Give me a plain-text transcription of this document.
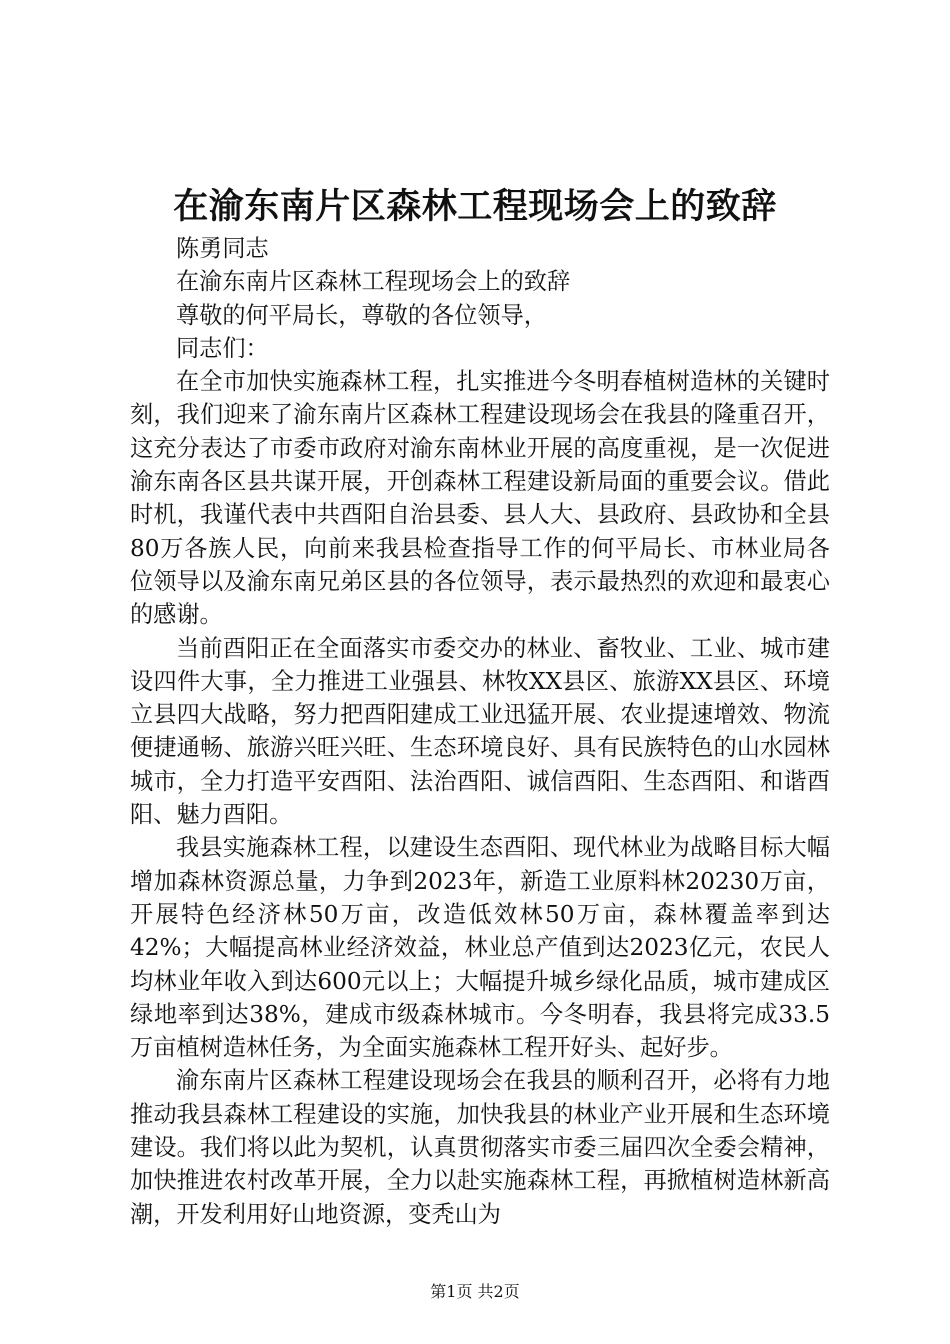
在渝东南片区森林工程现场会上的致辞

陈勇同志

在渝东南片区森林工程现场会上的致辞

尊敬的何平局长，尊敬的各位领导，

同志们：

在全市加快实施森林工程，扎实推进今冬明春植树造林的关键时刻，我们迎来了渝东南片区森林工程建设现场会在我县的隆重召开，这充分表达了市委市政府对渝东南林业开展的高度重视，是一次促进渝东南各区县共谋开展，开创森林工程建设新局面的重要会议。借此时机，我谨代表中共酉阳自治县委、县人大、县政府、县政协和全县80万各族人民，向前来我县检查指导工作的何平局长、市林业局各位领导以及渝东南兄弟区县的各位领导，表示最热烈的欢迎和最衷心的感谢。

当前酉阳正在全面落实市委交办的林业、畜牧业、工业、城市建设四件大事，全力推进工业强县、林牧XX县区、旅游XX县区、环境立县四大战略，努力把酉阳建成工业迅猛开展、农业提速增效、物流便捷通畅、旅游兴旺兴旺、生态环境良好、具有民族特色的山水园林城市，全力打造平安酉阳、法治酉阳、诚信酉阳、生态酉阳、和谐酉阳、魅力酉阳。

我县实施森林工程，以建设生态酉阳、现代林业为战略目标大幅增加森林资源总量，力争到2023年，新造工业原料林20230万亩，开展特色经济林50万亩，改造低效林50万亩，森林覆盖率到达42%；大幅提高林业经济效益，林业总产值到达2023亿元，农民人均林业年收入到达600元以上；大幅提升城乡绿化品质，城市建成区绿地率到达38%，建成市级森林城市。今冬明春，我县将完成33.5万亩植树造林任务，为全面实施森林工程开好头、起好步。

渝东南片区森林工程建设现场会在我县的顺利召开，必将有力地推动我县森林工程建设的实施，加快我县的林业产业开展和生态环境建设。我们将以此为契机，认真贯彻落实市委三届四次全委会精神，加快推进农村改革开展，全力以赴实施森林工程，再掀植树造林新高潮，开发利用好山地资源，变秃山为

第1页 共2页
